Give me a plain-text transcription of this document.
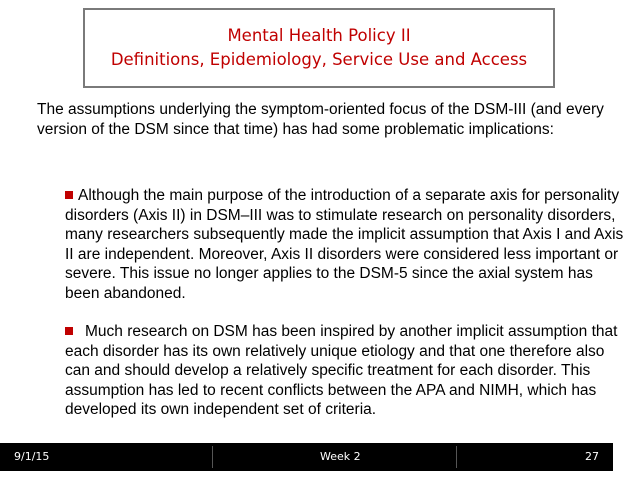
Mental Health Policy II
Definitions, Epidemiology, Service Use and Access
The assumptions underlying the symptom-oriented focus of the DSM-III (and every version of the DSM since that time) has had some problematic implications:
Although the main purpose of the introduction of a separate axis for personality disorders (Axis II) in DSM–III was to stimulate research on personality disorders, many researchers subsequently made the implicit assumption that Axis I and Axis II are independent. Moreover, Axis II disorders were considered less important or severe. This issue no longer applies to the DSM-5 since the axial system has been abandoned.
Much research on DSM has been inspired by another implicit assumption that each disorder has its own relatively unique etiology and that one therefore also can and should develop a relatively specific treatment for each disorder. This assumption has led to recent conflicts between the APA and NIMH, which has developed its own independent set of criteria.
9/1/15	Week 2	27
